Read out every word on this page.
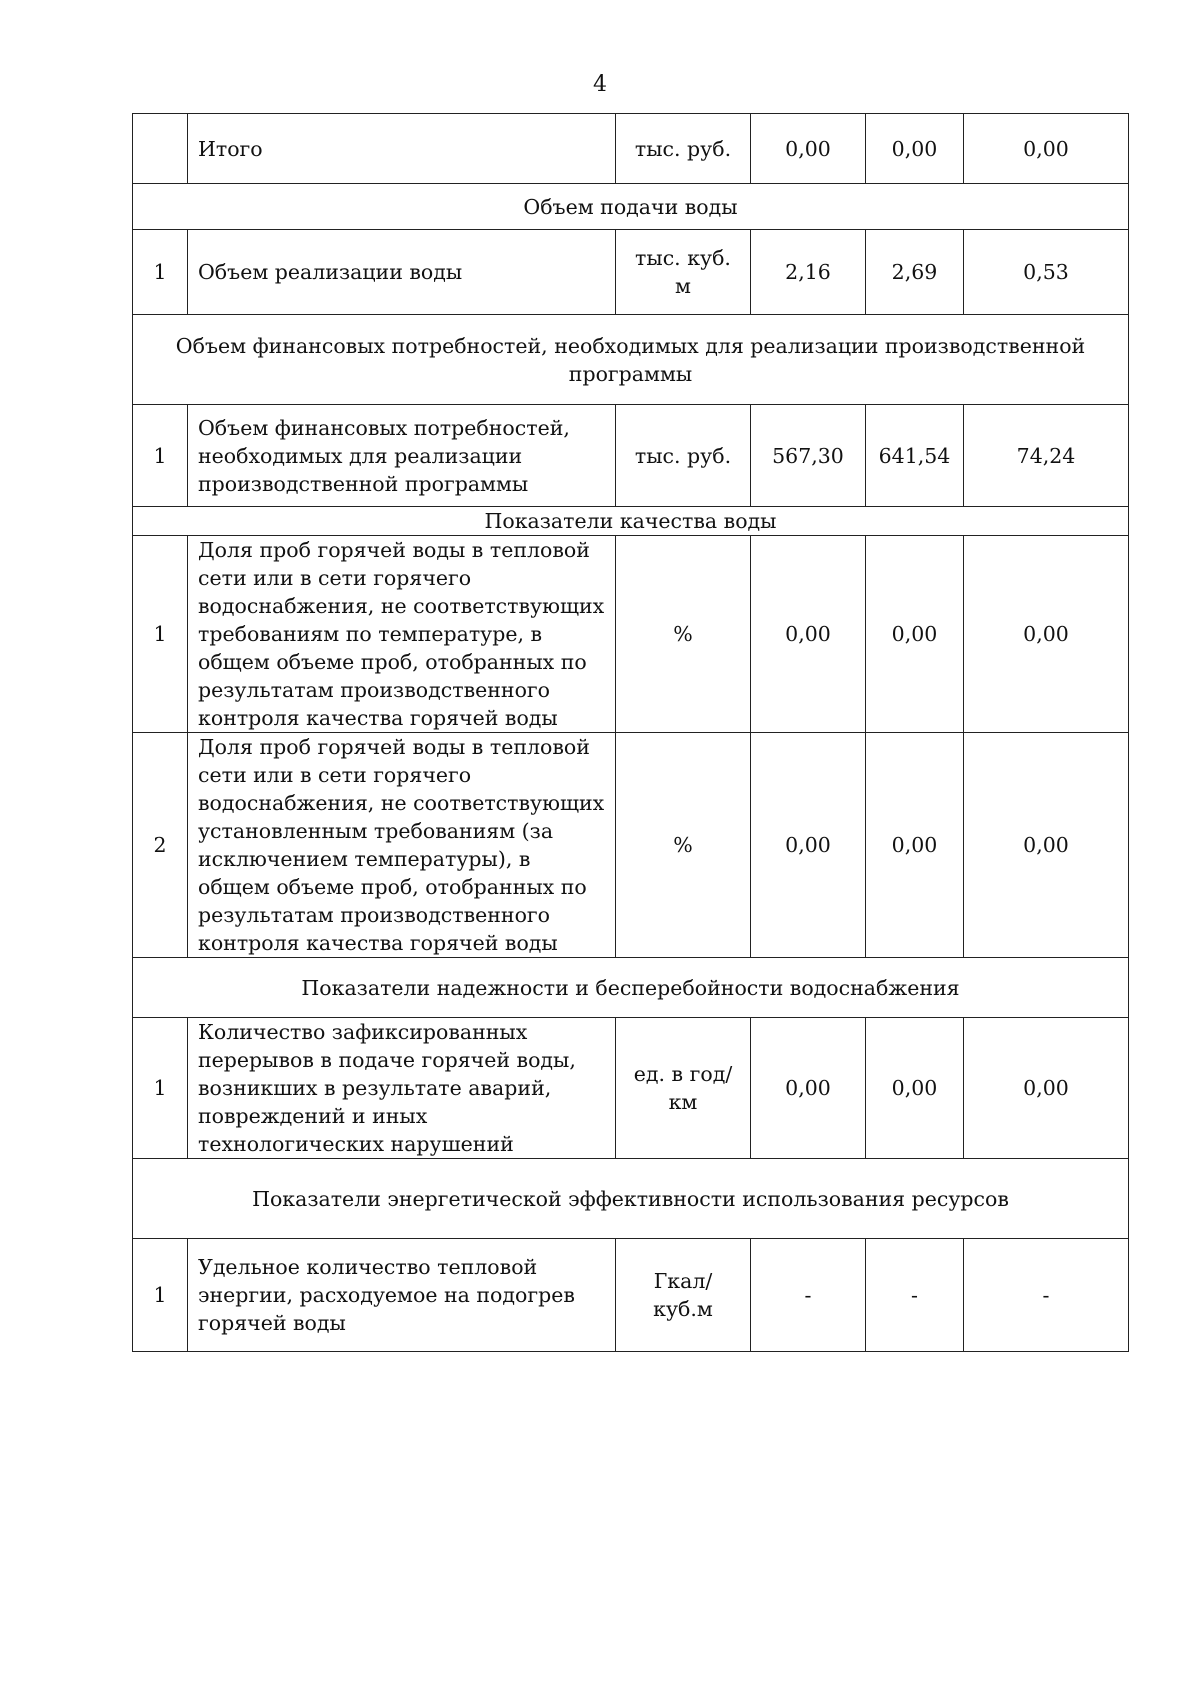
4
	Итого	тыс. руб.	0,00	0,00	0,00
Объем подачи воды					
1	Объем реализации воды	тыс. куб. м	2,16	2,69	0,53
Объем финансовых потребностей, необходимых для реализации производственной программы					
1	Объем финансовых потребностей, необходимых для реализации производственной программы	тыс. руб.	567,30	641,54	74,24
Показатели качества воды					
1	Доля проб горячей воды в тепловой сети или в сети горячего водоснабжения, не соответствующих требованиям по температуре, в общем объеме проб, отобранных по результатам производственного контроля качества горячей воды	%	0,00	0,00	0,00
2	Доля проб горячей воды в тепловой сети или в сети горячего водоснабжения, не соответствующих установленным требованиям (за исключением температуры), в общем объеме проб, отобранных по результатам производственного контроля качества горячей воды	%	0,00	0,00	0,00
Показатели надежности и бесперебойности водоснабжения					
1	Количество зафиксированных перерывов в подаче горячей воды, возникших в результате аварий, повреждений и иных технологических нарушений	ед. в год/ км	0,00	0,00	0,00
Показатели энергетической эффективности использования ресурсов					
1	Удельное количество тепловой энергии, расходуемое на подогрев горячей воды	Гкал/куб.м	-	-	-
